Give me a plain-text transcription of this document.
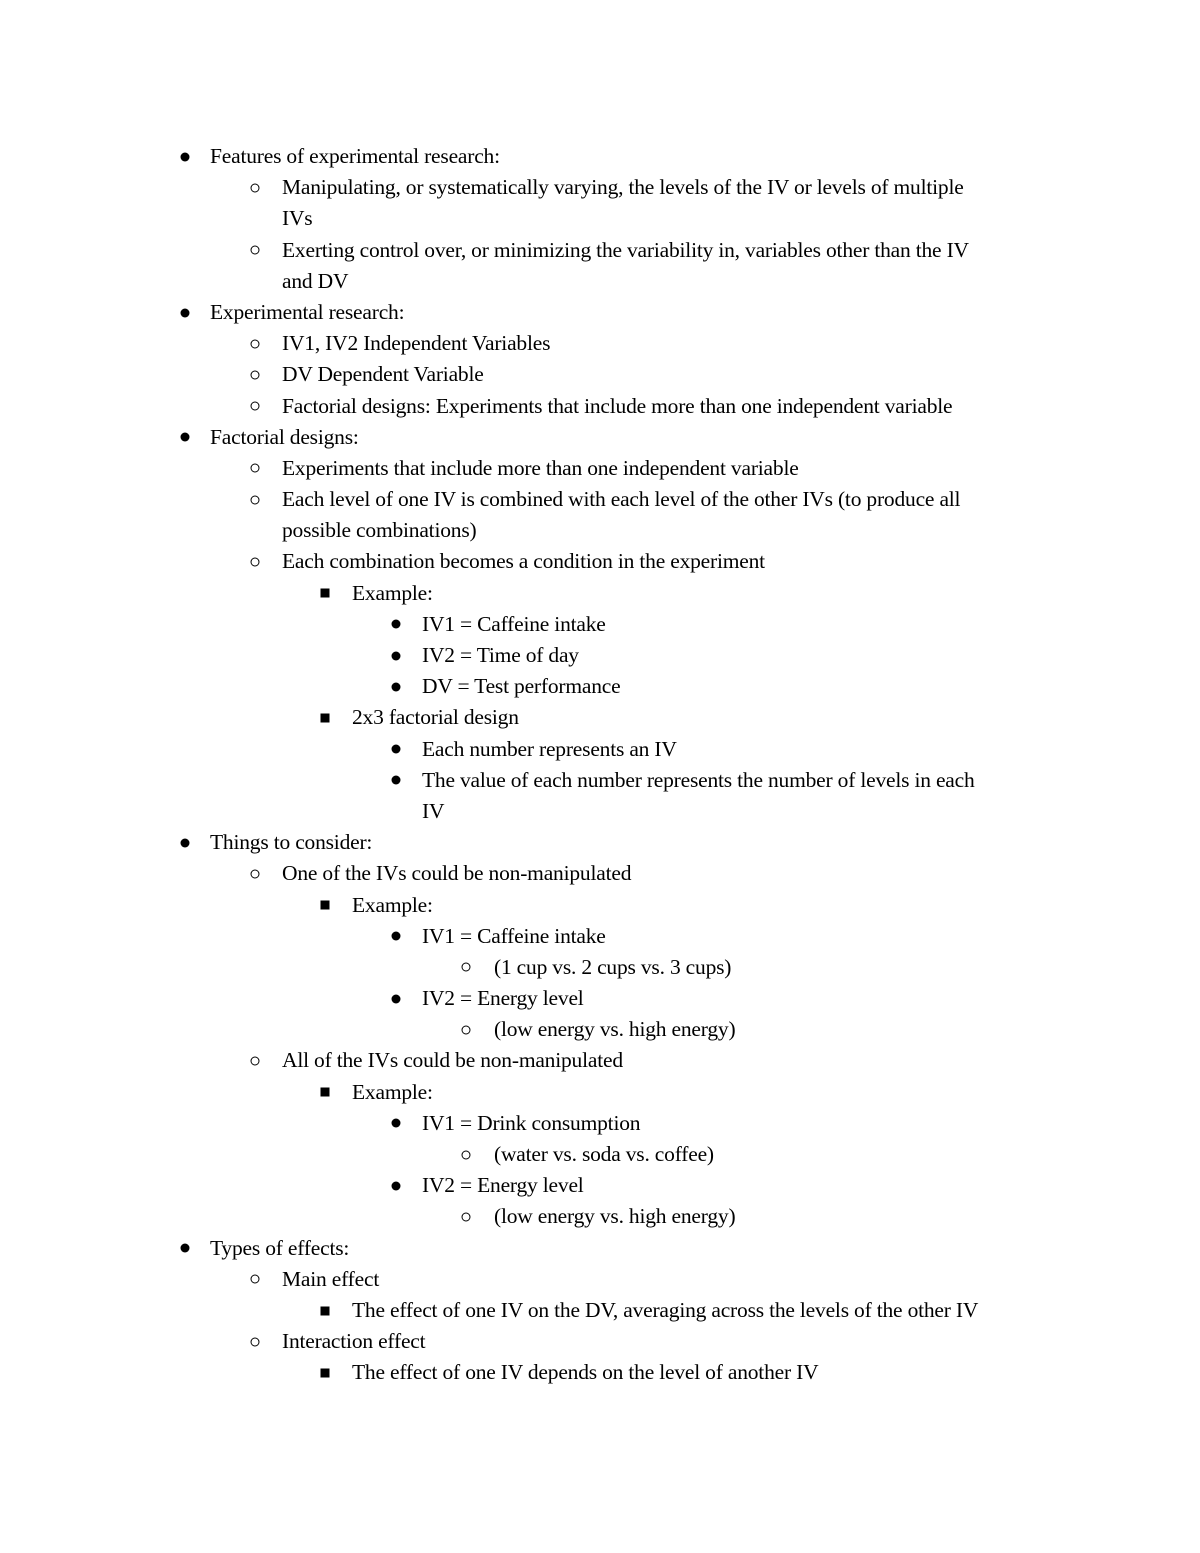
Features of experimental research:
Manipulating, or systematically varying, the levels of the IV or levels of multiple
IVs
Exerting control over, or minimizing the variability in, variables other than the IV
and DV
Experimental research:
IV1, IV2 Independent Variables
DV Dependent Variable
Factorial designs: Experiments that include more than one independent variable
Factorial designs:
Experiments that include more than one independent variable
Each level of one IV is combined with each level of the other IVs (to produce all
possible combinations)
Each combination becomes a condition in the experiment
Example:
IV1 = Caffeine intake
IV2 = Time of day
DV = Test performance
2x3 factorial design
Each number represents an IV
The value of each number represents the number of levels in each
IV
Things to consider:
One of the IVs could be non-manipulated
Example:
IV1 = Caffeine intake
(1 cup vs. 2 cups vs. 3 cups)
IV2 = Energy level
(low energy vs. high energy)
All of the IVs could be non-manipulated
Example:
IV1 = Drink consumption
(water vs. soda vs. coffee)
IV2 = Energy level
(low energy vs. high energy)
Types of effects:
Main effect
The effect of one IV on the DV, averaging across the levels of the other IV
Interaction effect
The effect of one IV depends on the level of another IV
